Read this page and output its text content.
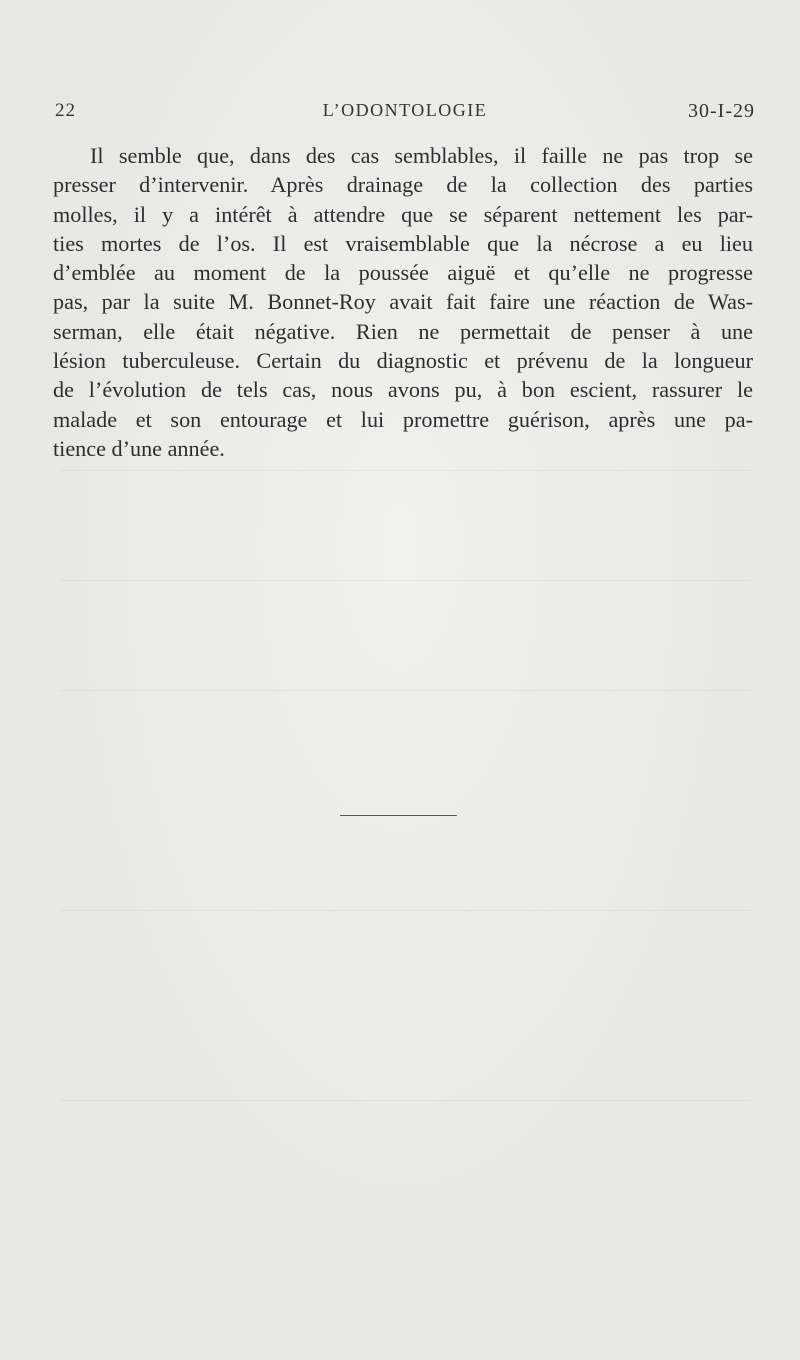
22	L’ODONTOLOGIE	30-I-29
Il semble que, dans des cas semblables, il faille ne pas trop se
presser d’intervenir. Après drainage de la collection des parties
molles, il y a intérêt à attendre que se séparent nettement les par-
ties mortes de l’os. Il est vraisemblable que la nécrose a eu lieu
d’emblée au moment de la poussée aiguë et qu’elle ne progresse
pas, par la suite M. Bonnet-Roy avait fait faire une réaction de Was-
serman, elle était négative. Rien ne permettait de penser à une
lésion tuberculeuse. Certain du diagnostic et prévenu de la longueur
de l’évolution de tels cas, nous avons pu, à bon escient, rassurer le
malade et son entourage et lui promettre guérison, après une pa-
tience d’une année.
